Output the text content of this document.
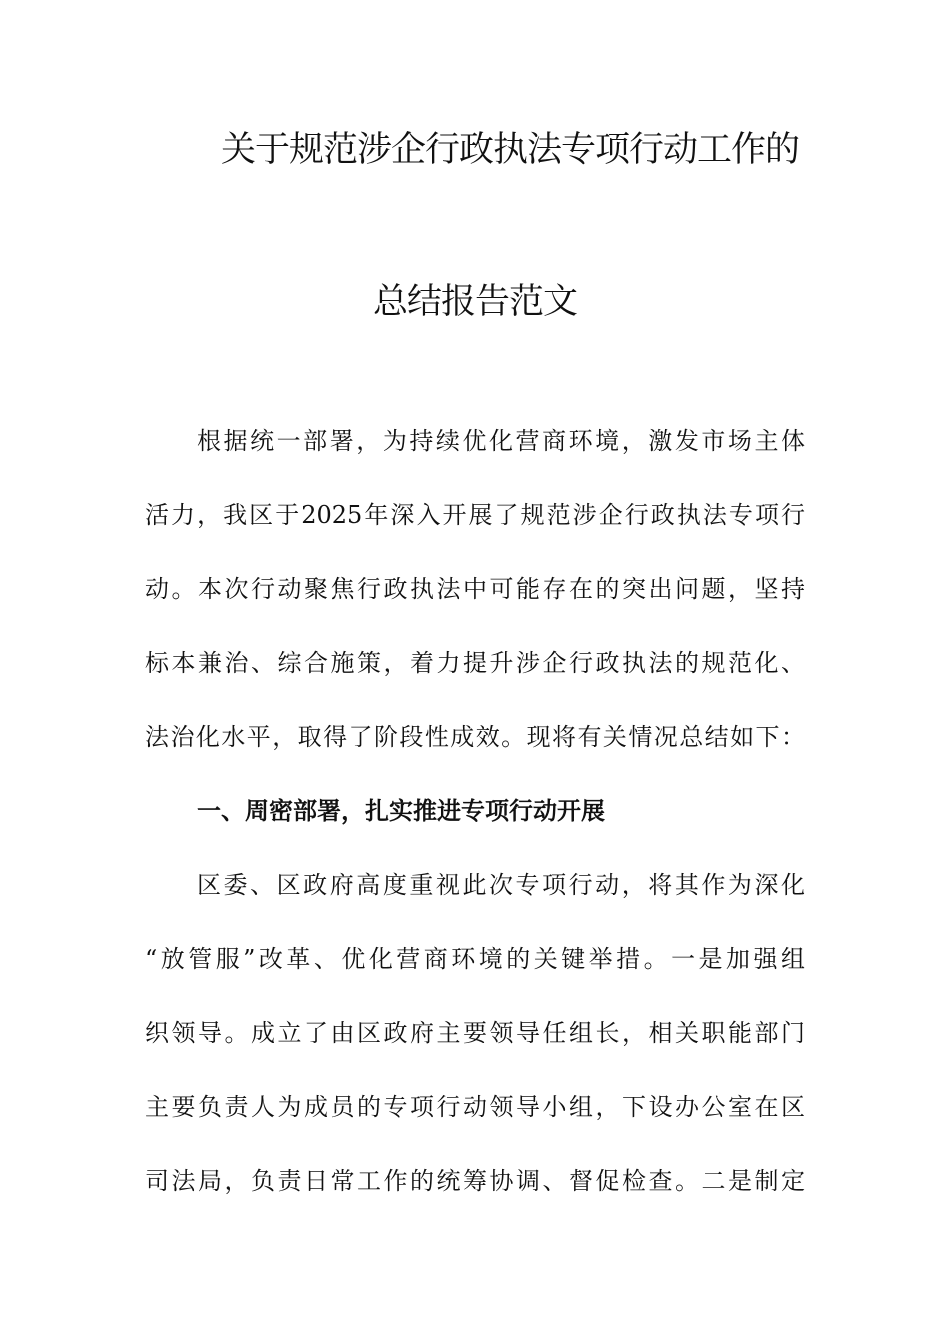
关于规范涉企行政执法专项行动工作的
总结报告范文
根据统一部署，为持续优化营商环境，激发市场主体
活力，我区于2025年深入开展了规范涉企行政执法专项行
动。本次行动聚焦行政执法中可能存在的突出问题，坚持
标本兼治、综合施策，着力提升涉企行政执法的规范化、
法治化水平，取得了阶段性成效。现将有关情况总结如下：
一、周密部署，扎实推进专项行动开展
区委、区政府高度重视此次专项行动，将其作为深化
“放管服”改革、优化营商环境的关键举措。一是加强组
织领导。成立了由区政府主要领导任组长，相关职能部门
主要负责人为成员的专项行动领导小组，下设办公室在区
司法局，负责日常工作的统筹协调、督促检查。二是制定
